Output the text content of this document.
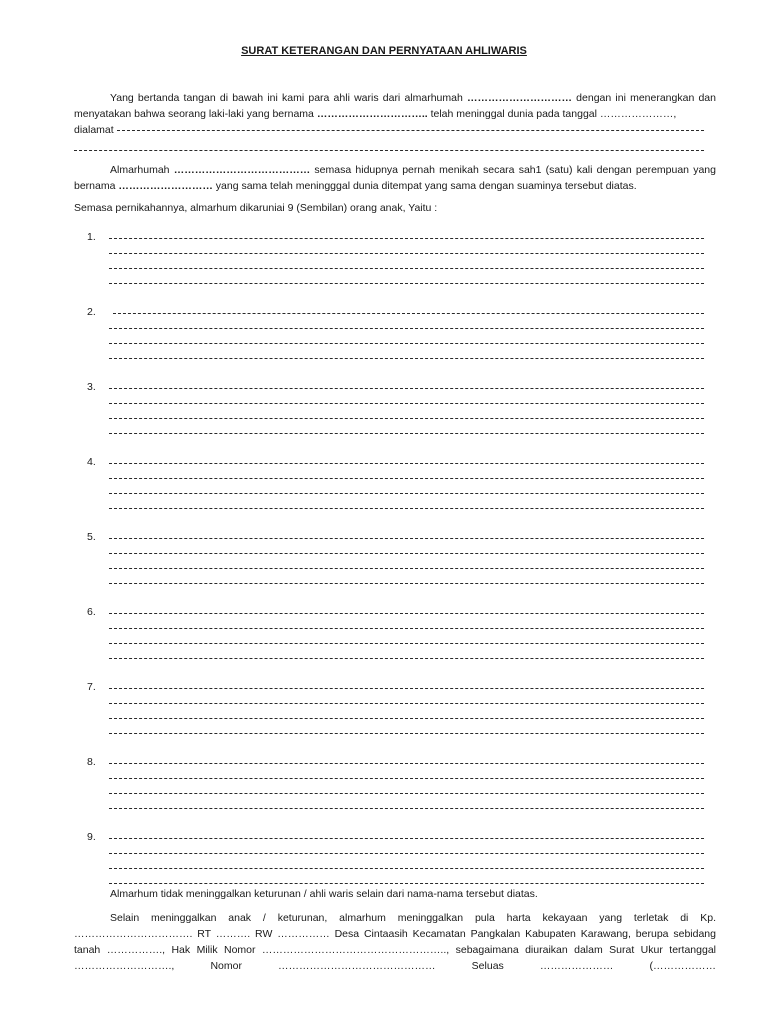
SURAT KETERANGAN DAN PERNYATAAN AHLIWARIS
Yang bertanda tangan di bawah ini kami para ahli waris dari almarhumah ………………………… dengan ini menerangkan dan menyatakan bahwa seorang laki-laki yang bernama ………………………….. telah meninggal dunia pada tanggal …………………,
dialamat
Almarhumah ………………………………… semasa hidupnya pernah menikah secara sah1 (satu) kali dengan perempuan yang bernama ……………………… yang sama telah meningggal dunia ditempat yang sama dengan suaminya tersebut diatas.
Semasa pernikahannya, almarhum dikaruniai 9 (Sembilan) orang anak, Yaitu :
1.
2.
3.
4.
5.
6.
7.
8.
9.
Almarhum tidak meninggalkan keturunan / ahli waris selain dari nama-nama tersebut diatas.
Selain meninggalkan anak / keturunan, almarhum meninggalkan pula harta kekayaan yang terletak di Kp.
……………………………. RT ………. RW …………… Desa Cintaasih Kecamatan Pangkalan Kabupaten Karawang, berupa sebidang
tanah ……………., Hak Milik Nomor …………………………………………….., sebagaimana diuraikan dalam Surat Ukur tertanggal
………………………., Nomor ……………………………………… Seluas ………………… (………………
